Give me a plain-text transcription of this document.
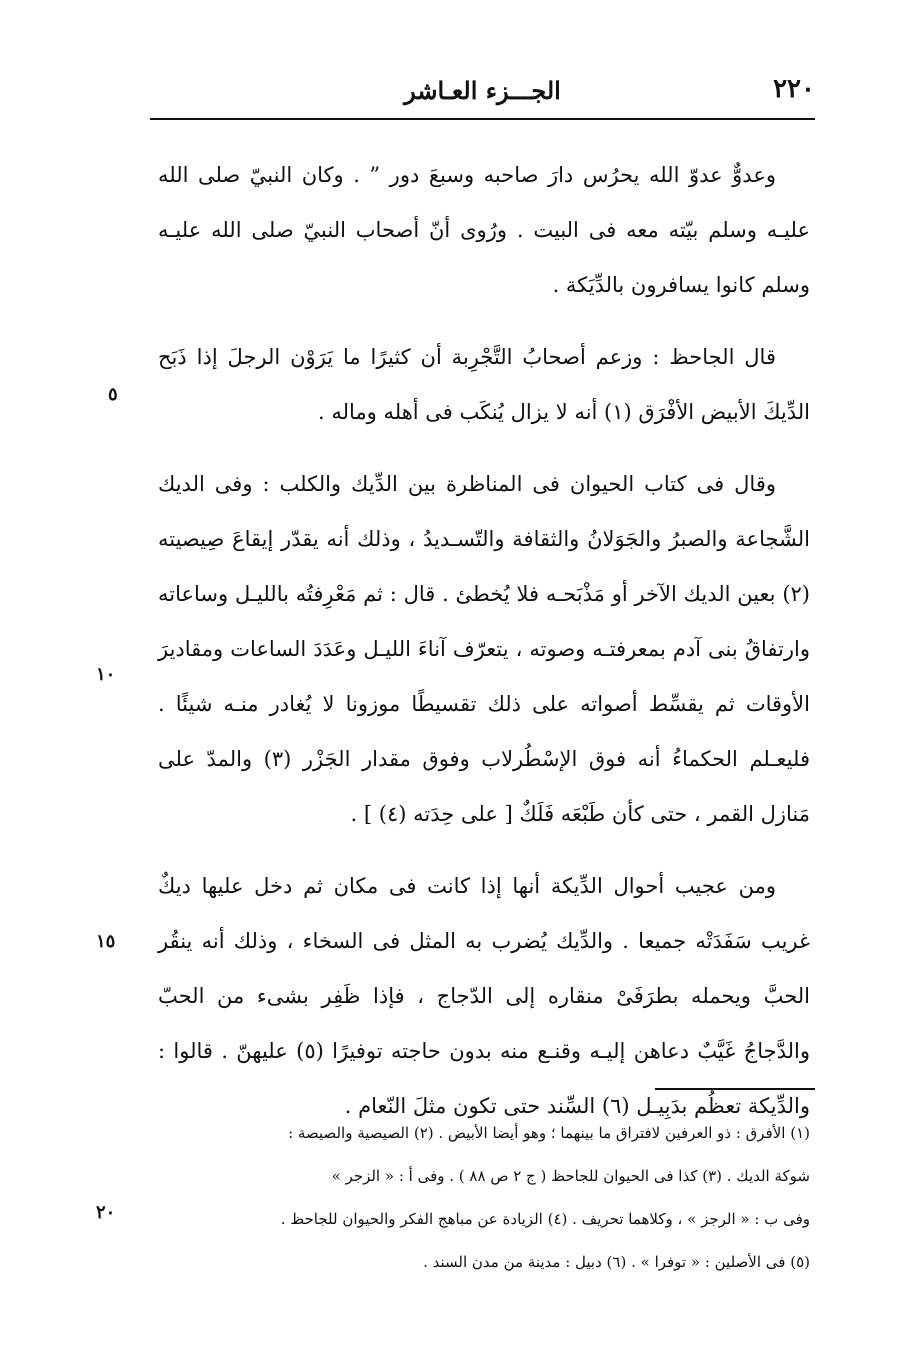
٢٢٠
الجـــزء العـاشر

وعدوٌّ عدوّ الله يحرُس دارَ صاحبه وسبعَ دور ” . وكان النبيّ صلى الله عليـه وسلم بيّته معه فى البيت . ورُوى أنّ أصحاب النبيّ صلى الله عليـه وسلم كانوا يسافرون بالدِّيَكة .

قال الجاحظ : وزعم أصحابُ التَّجْرِبة أن كثيرًا ما يَرَوْن الرجلَ إذا ذَبَح الدِّيكَ الأبيض الأفْرَق (١) أنه لا يزال يُنكَب فى أهله وماله .

وقال فى كتاب الحيوان فى المناظرة بين الدِّيك والكلب : وفى الديك الشَّجاعة والصبرُ والجَوَلانُ والثقافة والتّسـديدُ ، وذلك أنه يقدّر إيقاعَ صِيصيته (٢) بعين الديك الآخر أو مَذْبَحـه فلا يُخطئ . قال : ثم مَعْرِفتُه بالليـل وساعاته وارتفاقُ بنى آدم بمعرفتـه وصوته ، يتعرّف آناءَ الليـل وعَدَدَ الساعات ومقاديرَ الأوقات ثم يقسِّط أصواته على ذلك تقسيطًا موزونا لا يُغادر منـه شيئًا . فليعـلم الحكماءُ أنه فوق الإسْطُرلاب وفوق مقدار الجَزْر (٣) والمدّ على مَنازل القمر ، حتى كأن طَبْعَه فَلَكٌ [ على حِدَته (٤) ] .

ومن عجيب أحوال الدِّيكة أنها إذا كانت فى مكان ثم دخل عليها ديكٌ غريب سَفَدَتْه جميعا . والدِّيك يُضرب به المثل فى السخاء ، وذلك أنه ينقُر الحبَّ ويحمله بطرَفَىْ منقاره إلى الدّجاج ، فإذا ظَفِر بشىء من الحبّ والدَّجاجُ غَيَّبٌ دعاهن إليـه وقنـع منه بدون حاجته توفيرًا (٥) عليهنّ . قالوا : والدِّيكة تعظُم بدَبِيـل (٦) السِّند حتى تكون مثلَ النّعام .

٥
١٠
١٥
٢٠
(١) الأفرق : ذو العرفين لافتراق ما بينهما ؛ وهو أيضا الأبيض . (٢) الصيصية والصيصة :
شوكة الديك . (٣) كذا فى الحيوان للجاحظ ( ج ٢ ص ٨٨ ) . وفى أ : « الزجر »
وفى ب : « الرجز » ، وكلاهما تحريف . (٤) الزيادة عن مباهج الفكر والحيوان للجاحظ .
(٥) فى الأصلين : « توفرا » . (٦) دبيل : مدينة من مدن السند .
